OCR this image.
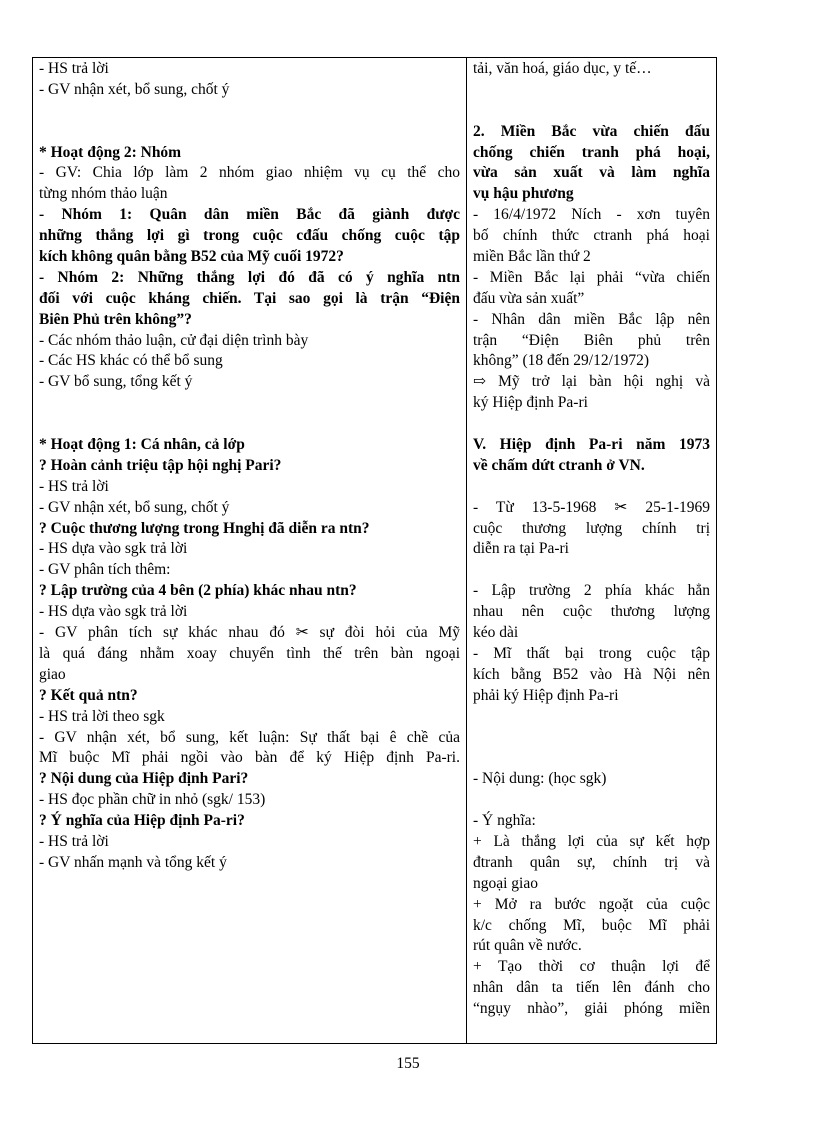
- HS trả lời
- GV nhận xét, bổ sung, chốt ý
* Hoạt động 2: Nhóm
- GV: Chia lớp làm 2 nhóm giao nhiệm vụ cụ thể cho
từng nhóm thảo luận
- Nhóm 1: Quân dân miền Bắc đã giành được
những thắng lợi gì trong cuộc cđấu chống cuộc tập
kích không quân bằng B52 của Mỹ cuối 1972?
- Nhóm 2: Những thắng lợi đó đã có ý nghĩa ntn
đối với cuộc kháng chiến. Tại sao gọi là trận “Điện
Biên Phủ trên không”?
- Các nhóm thảo luận, cử đại diện trình bày
- Các HS khác có thể bổ sung
- GV bổ sung, tổng kết ý
* Hoạt động 1: Cá nhân, cả lớp
? Hoàn cảnh triệu tập hội nghị Pari?
- HS trả lời
- GV nhận xét, bổ sung, chốt ý
? Cuộc thương lượng trong Hnghị đã diễn ra ntn?
- HS dựa vào sgk trả lời
- GV phân tích thêm:
? Lập trường của 4 bên (2 phía) khác nhau ntn?
- HS dựa vào sgk trả lời
- GV phân tích sự khác nhau đó ✂ sự đòi hỏi của Mỹ
là quá đáng nhằm xoay chuyển tình thế trên bàn ngoại
giao
? Kết quả ntn?
- HS trả lời theo sgk
- GV nhận xét, bổ sung, kết luận: Sự thất bại ê chề của
Mĩ buộc Mĩ phải ngồi vào bàn để ký Hiệp định Pa-ri.
? Nội dung của Hiệp định Pari?
- HS đọc phần chữ in nhỏ (sgk/ 153)
? Ý nghĩa của Hiệp định Pa-ri?
- HS trả lời
- GV nhấn mạnh và tổng kết ý
tải, văn hoá, giáo dục, y tế…
2. Miền Bắc vừa chiến đấu
chống chiến tranh phá hoại,
vừa sản xuất và làm nghĩa
vụ hậu phương
- 16/4/1972 Ních - xơn tuyên
bố chính thức ctranh phá hoại
miền Bắc lần thứ 2
- Miền Bắc lại phải “vừa chiến
đấu vừa sản xuất”
- Nhân dân miền Bắc lập nên
trận “Điện Biên phủ trên
không” (18 đến 29/12/1972)
⇨ Mỹ trở lại bàn hội nghị và
ký Hiệp định Pa-ri
V. Hiệp định Pa-ri năm 1973
về chấm dứt ctranh ở VN.
- Từ 13-5-1968 ✂ 25-1-1969
cuộc thương lượng chính trị
diễn ra tại Pa-ri
- Lập trường 2 phía khác hẳn
nhau nên cuộc thương lượng
kéo dài
- Mĩ thất bại trong cuộc tập
kích bằng B52 vào Hà Nội nên
phải ký Hiệp định Pa-ri
- Nội dung: (học sgk)
- Ý nghĩa:
+ Là thắng lợi của sự kết hợp
đtranh quân sự, chính trị và
ngoại giao
+ Mở ra bước ngoặt của cuộc
k/c chống Mĩ, buộc Mĩ phải
rút quân về nước.
+ Tạo thời cơ thuận lợi để
nhân dân ta tiến lên đánh cho
“ngụy nhào”, giải phóng miền
155
